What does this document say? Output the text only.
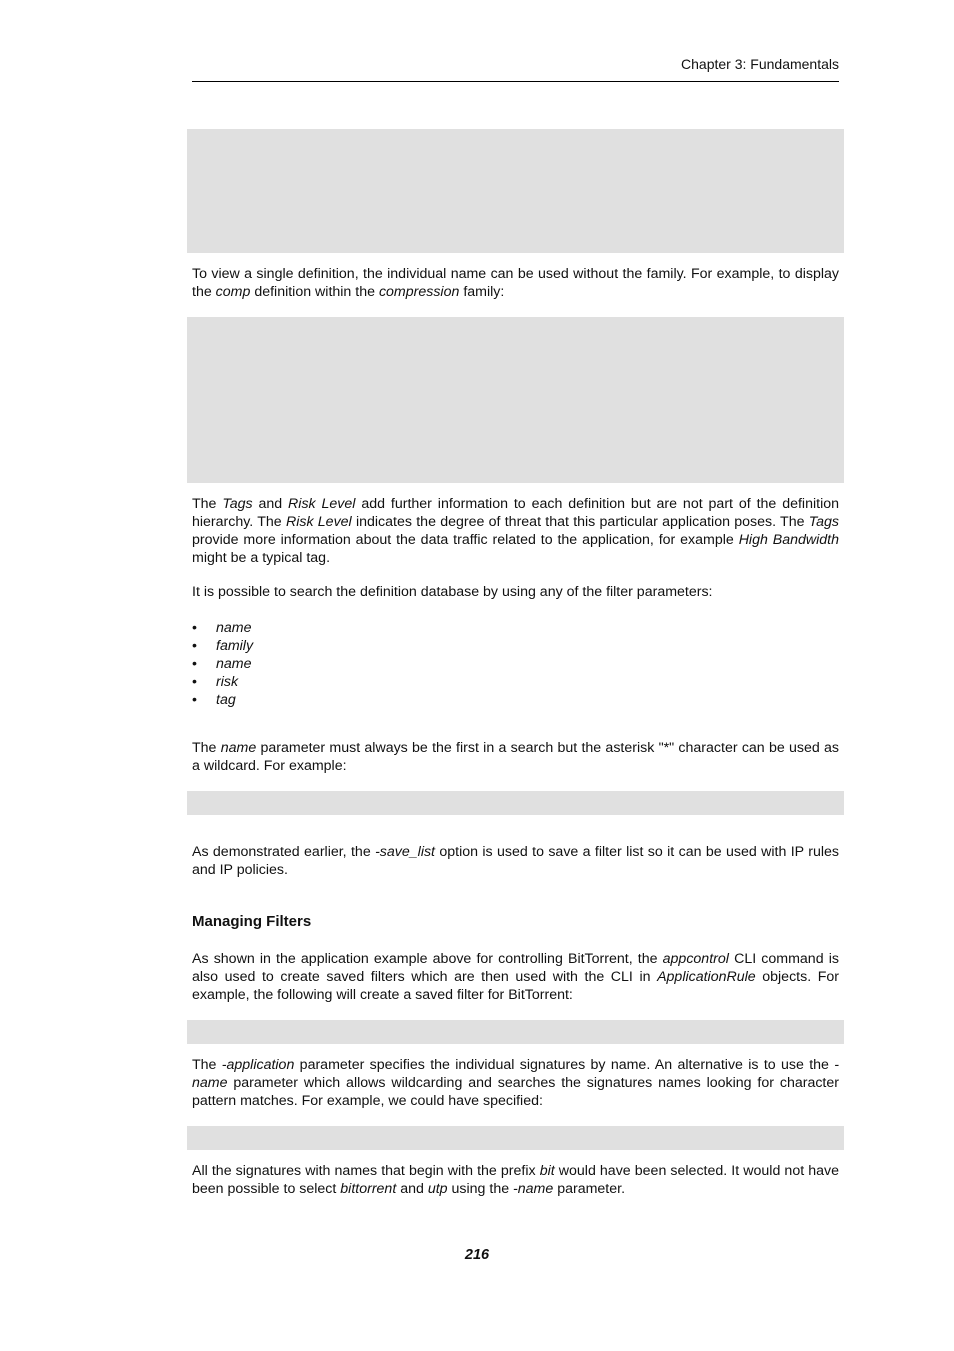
Chapter 3: Fundamentals

To view a single definition, the individual name can be used without the family. For example, to display the comp definition within the compression family:

The Tags and Risk Level add further information to each definition but are not part of the definition hierarchy. The Risk Level indicates the degree of threat that this particular application poses. The Tags provide more information about the data traffic related to the application, for example High Bandwidth might be a typical tag.

It is possible to search the definition database by using any of the filter parameters:

• name
• family
• name
• risk
• tag

The name parameter must always be the first in a search but the asterisk "*" character can be used as a wildcard. For example:

As demonstrated earlier, the -save_list option is used to save a filter list so it can be used with IP rules and IP policies.

Managing Filters

As shown in the application example above for controlling BitTorrent, the appcontrol CLI command is also used to create saved filters which are then used with the CLI in ApplicationRule objects. For example, the following will create a saved filter for BitTorrent:

The -application parameter specifies the individual signatures by name. An alternative is to use the -name parameter which allows wildcarding and searches the signatures names looking for character pattern matches. For example, we could have specified:

All the signatures with names that begin with the prefix bit would have been selected. It would not have been possible to select bittorrent and utp using the -name parameter.

216
